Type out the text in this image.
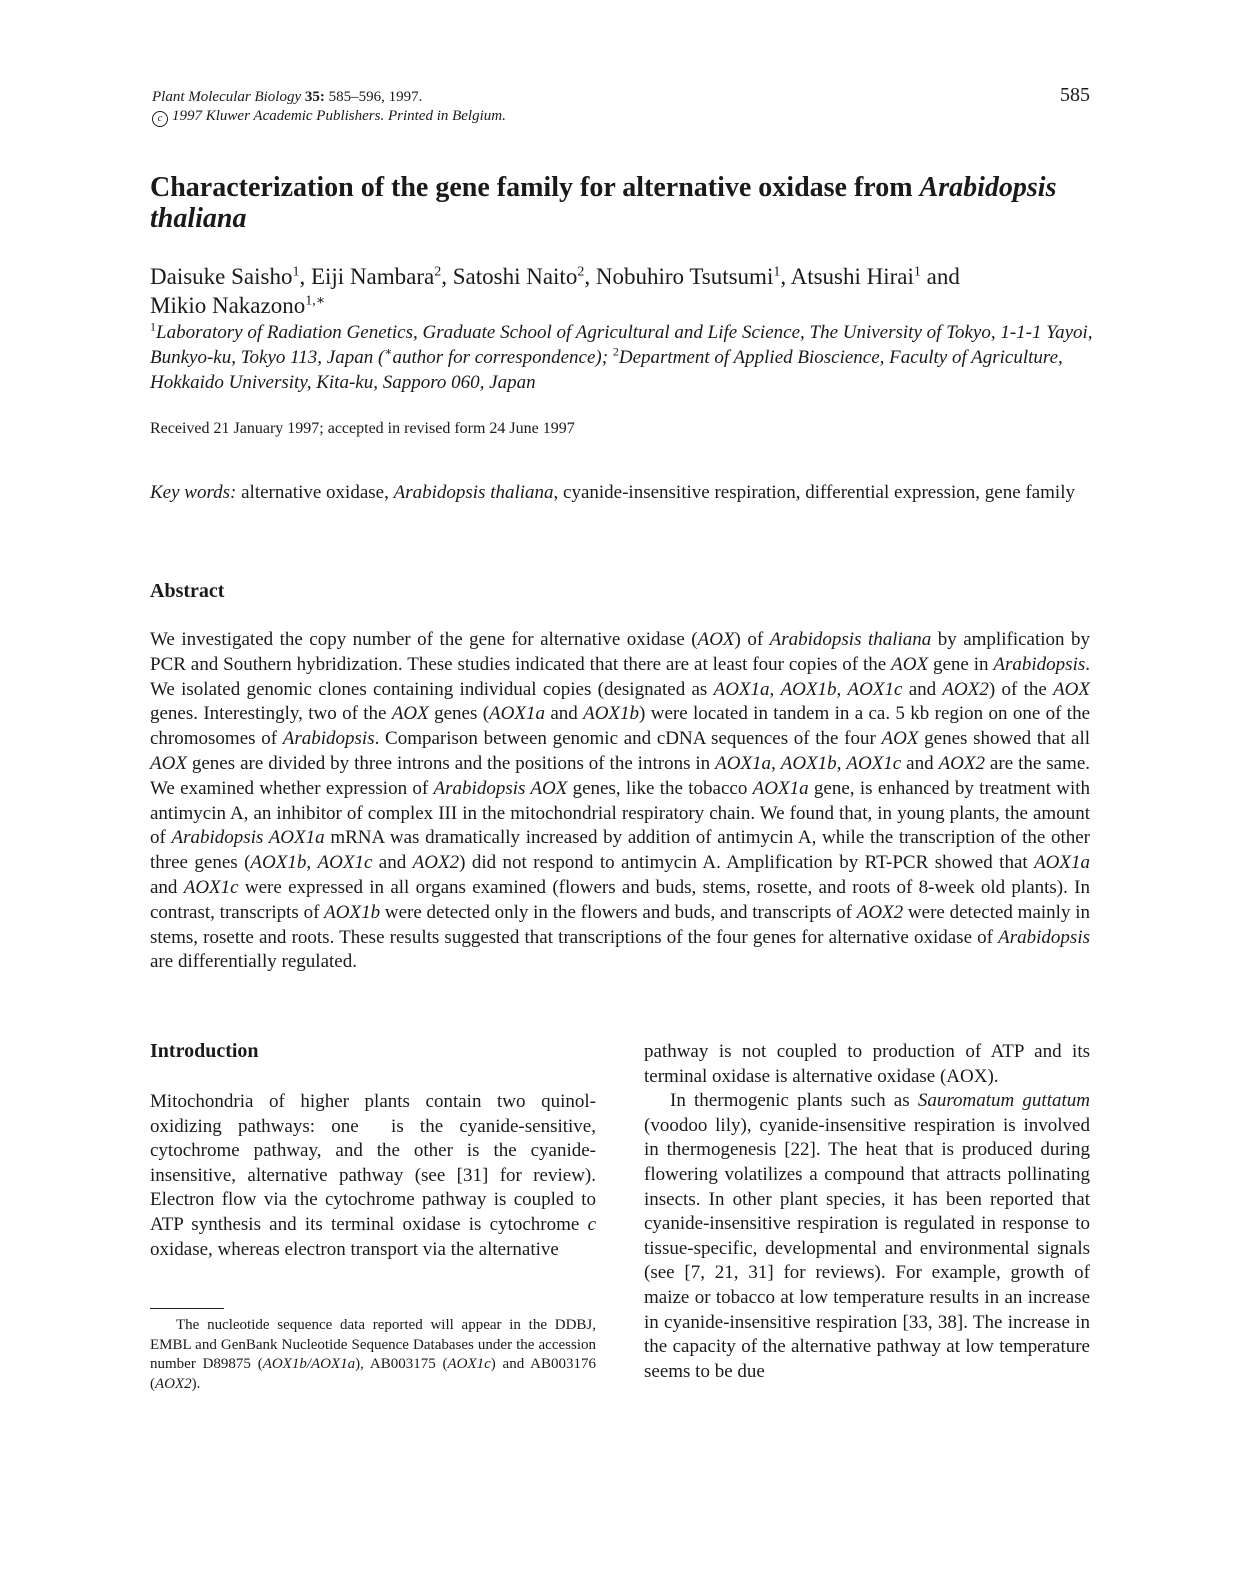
Plant Molecular Biology 35: 585–596, 1997.
c 1997 Kluwer Academic Publishers. Printed in Belgium.
585
Characterization of the gene family for alternative oxidase from Arabidopsis thaliana
Daisuke Saisho$^1$, Eiji Nambara$^2$, Satoshi Naito$^2$, Nobuhiro Tsutsumi$^1$, Atsushi Hirai$^1$ and
Mikio Nakazono$^{1,∗}$
$^1$Laboratory of Radiation Genetics, Graduate School of Agricultural and Life Science, The University of Tokyo, 1-1-1 Yayoi, Bunkyo-ku, Tokyo 113, Japan (∗author for correspondence); $^2$Department of Applied Bioscience, Faculty of Agriculture, Hokkaido University, Kita-ku, Sapporo 060, Japan
Received 21 January 1997; accepted in revised form 24 June 1997
Key words: alternative oxidase, Arabidopsis thaliana, cyanide-insensitive respiration, differential expression, gene family
Abstract
We investigated the copy number of the gene for alternative oxidase (AOX) of Arabidopsis thaliana by amplification by PCR and Southern hybridization. These studies indicated that there are at least four copies of the AOX gene in Arabidopsis. We isolated genomic clones containing individual copies (designated as AOX1a, AOX1b, AOX1c and AOX2) of the AOX genes. Interestingly, two of the AOX genes (AOX1a and AOX1b) were located in tandem in a ca. 5 kb region on one of the chromosomes of Arabidopsis. Comparison between genomic and cDNA sequences of the four AOX genes showed that all AOX genes are divided by three introns and the positions of the introns in AOX1a, AOX1b, AOX1c and AOX2 are the same. We examined whether expression of Arabidopsis AOX genes, like the tobacco AOX1a gene, is enhanced by treatment with antimycin A, an inhibitor of complex III in the mitochondrial respiratory chain. We found that, in young plants, the amount of Arabidopsis AOX1a mRNA was dramatically increased by addition of antimycin A, while the transcription of the other three genes (AOX1b, AOX1c and AOX2) did not respond to antimycin A. Amplification by RT-PCR showed that AOX1a and AOX1c were expressed in all organs examined (flowers and buds, stems, rosette, and roots of 8-week old plants). In contrast, transcripts of AOX1b were detected only in the flowers and buds, and transcripts of AOX2 were detected mainly in stems, rosette and roots. These results suggested that transcriptions of the four genes for alternative oxidase of Arabidopsis are differentially regulated.
Introduction
Mitochondria of higher plants contain two quinol-oxidizing pathways: one  is the cyanide-sensitive, cytochrome pathway, and the other is the cyanide-insensitive, alternative pathway (see [31] for review). Electron flow via the cytochrome pathway is coupled to ATP synthesis and its terminal oxidase is cytochrome c oxidase, whereas electron transport via the alternative

pathway is not coupled to production of ATP and its terminal oxidase is alternative oxidase (AOX).

In thermogenic plants such as Sauromatum guttatum (voodoo lily), cyanide-insensitive respiration is involved in thermogenesis [22]. The heat that is produced during flowering volatilizes a compound that attracts pollinating insects. In other plant species, it has been reported that cyanide-insensitive respiration is regulated in response to tissue-specific, developmental and environmental signals (see [7, 21, 31] for reviews). For example, growth of maize or tobacco at low temperature results in an increase in cyanide-insensitive respiration [33, 38]. The increase in the capacity of the alternative pathway at low temperature seems to be due

The nucleotide sequence data reported will appear in the DDBJ, EMBL and GenBank Nucleotide Sequence Databases under the accession number D89875 (AOX1b/AOX1a), AB003175 (AOX1c) and AB003176 (AOX2).
